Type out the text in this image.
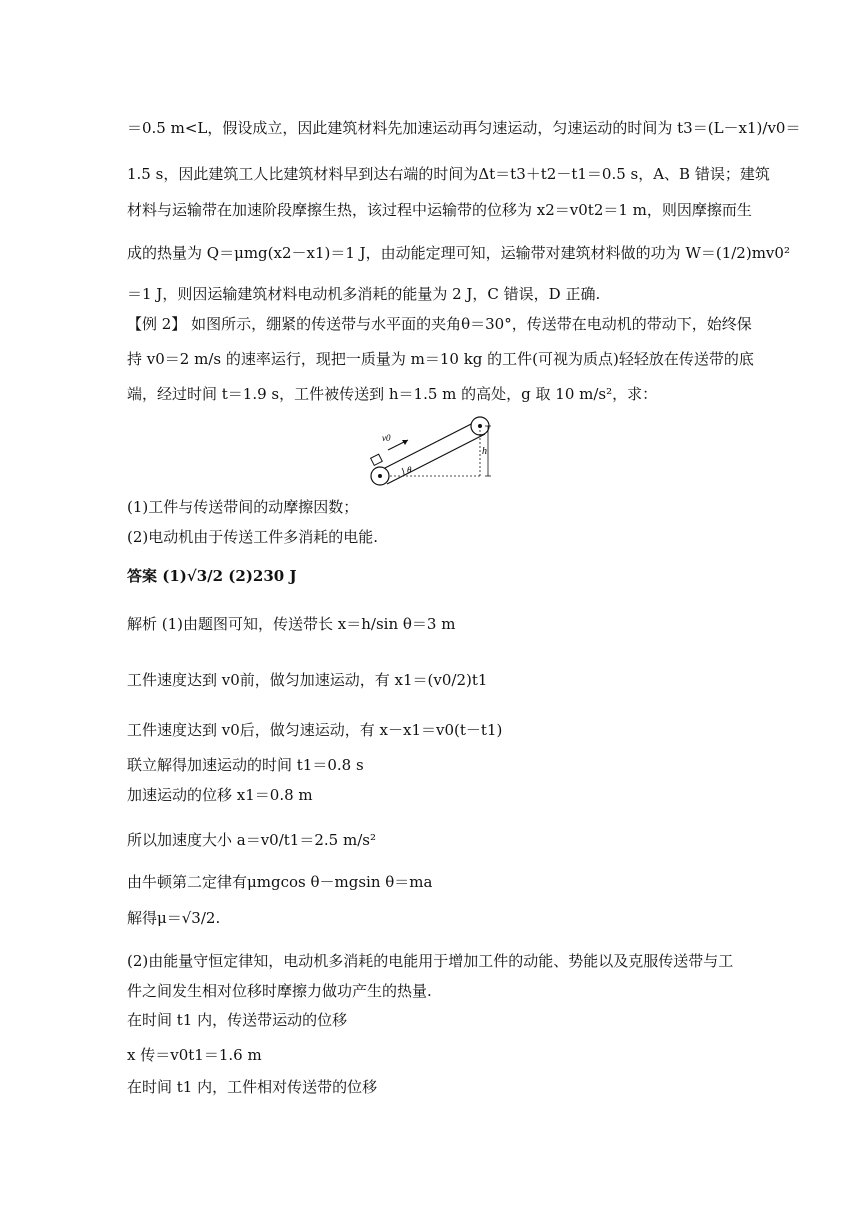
＝0.5 m<L，假设成立，因此建筑材料先加速运动再匀速运动，匀速运动的时间为 t3＝(L－x1)/v0＝
1.5 s，因此建筑工人比建筑材料早到达右端的时间为Δt＝t3＋t2－t1＝0.5 s，A、B 错误；建筑
材料与运输带在加速阶段摩擦生热，该过程中运输带的位移为 x2＝v0t2＝1 m，则因摩擦而生
成的热量为 Q＝μmg(x2－x1)＝1 J，由动能定理可知，运输带对建筑材料做的功为 W＝(1/2)mv0²
＝1 J，则因运输建筑材料电动机多消耗的能量为 2 J，C 错误，D 正确.
【例 2】 如图所示，绷紧的传送带与水平面的夹角θ＝30°，传送带在电动机的带动下，始终保
持 v0＝2 m/s 的速率运行，现把一质量为 m＝10 kg 的工件(可视为质点)轻轻放在传送带的底
端，经过时间 t＝1.9 s，工件被传送到 h＝1.5 m 的高处，g 取 10 m/s²，求：
v0
h
θ
(1)工件与传送带间的动摩擦因数；
(2)电动机由于传送工件多消耗的电能.
答案 (1)√3/2 (2)230 J
解析 (1)由题图可知，传送带长 x＝h/sin θ＝3 m
工件速度达到 v0前，做匀加速运动，有 x1＝(v0/2)t1
工件速度达到 v0后，做匀速运动，有 x－x1＝v0(t－t1)
联立解得加速运动的时间 t1＝0.8 s
加速运动的位移 x1＝0.8 m
所以加速度大小 a＝v0/t1＝2.5 m/s²
由牛顿第二定律有μmgcos θ－mgsin θ＝ma
解得μ＝√3/2.
(2)由能量守恒定律知，电动机多消耗的电能用于增加工件的动能、势能以及克服传送带与工
件之间发生相对位移时摩擦力做功产生的热量.
在时间 t1 内，传送带运动的位移
x 传＝v0t1＝1.6 m
在时间 t1 内，工件相对传送带的位移
